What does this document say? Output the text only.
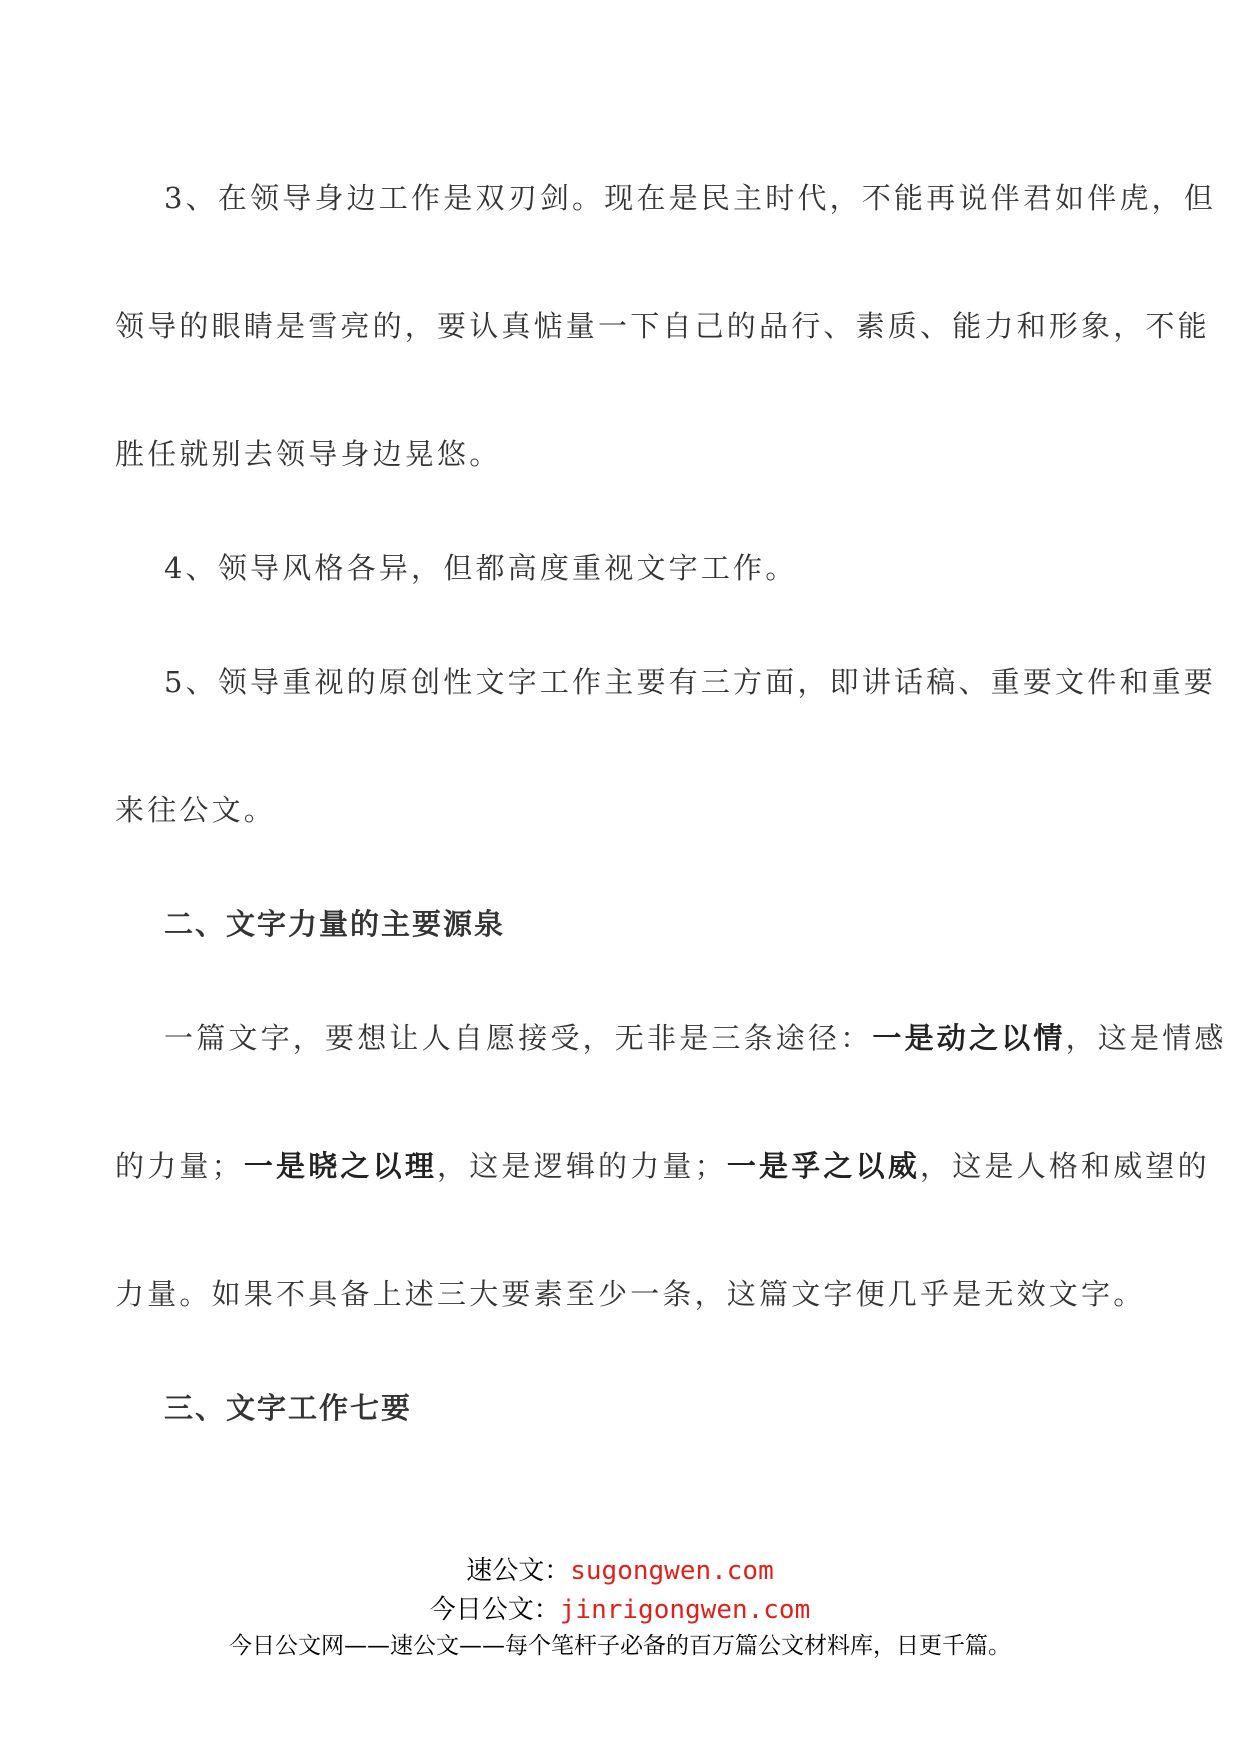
3、在领导身边工作是双刃剑。现在是民主时代，不能再说伴君如伴虎，但

领导的眼睛是雪亮的，要认真惦量一下自己的品行、素质、能力和形象，不能

胜任就别去领导身边晃悠。

4、领导风格各异，但都高度重视文字工作。

5、领导重视的原创性文字工作主要有三方面，即讲话稿、重要文件和重要

来往公文。

二、文字力量的主要源泉

一篇文字，要想让人自愿接受，无非是三条途径：一是动之以情，这是情感

的力量；一是晓之以理，这是逻辑的力量；一是孚之以威，这是人格和威望的

力量。如果不具备上述三大要素至少一条，这篇文字便几乎是无效文字。

三、文字工作七要

速公文：sugongwen.com
今日公文：jinrigongwen.com
今日公文网——速公文——每个笔杆子必备的百万篇公文材料库，日更千篇。
